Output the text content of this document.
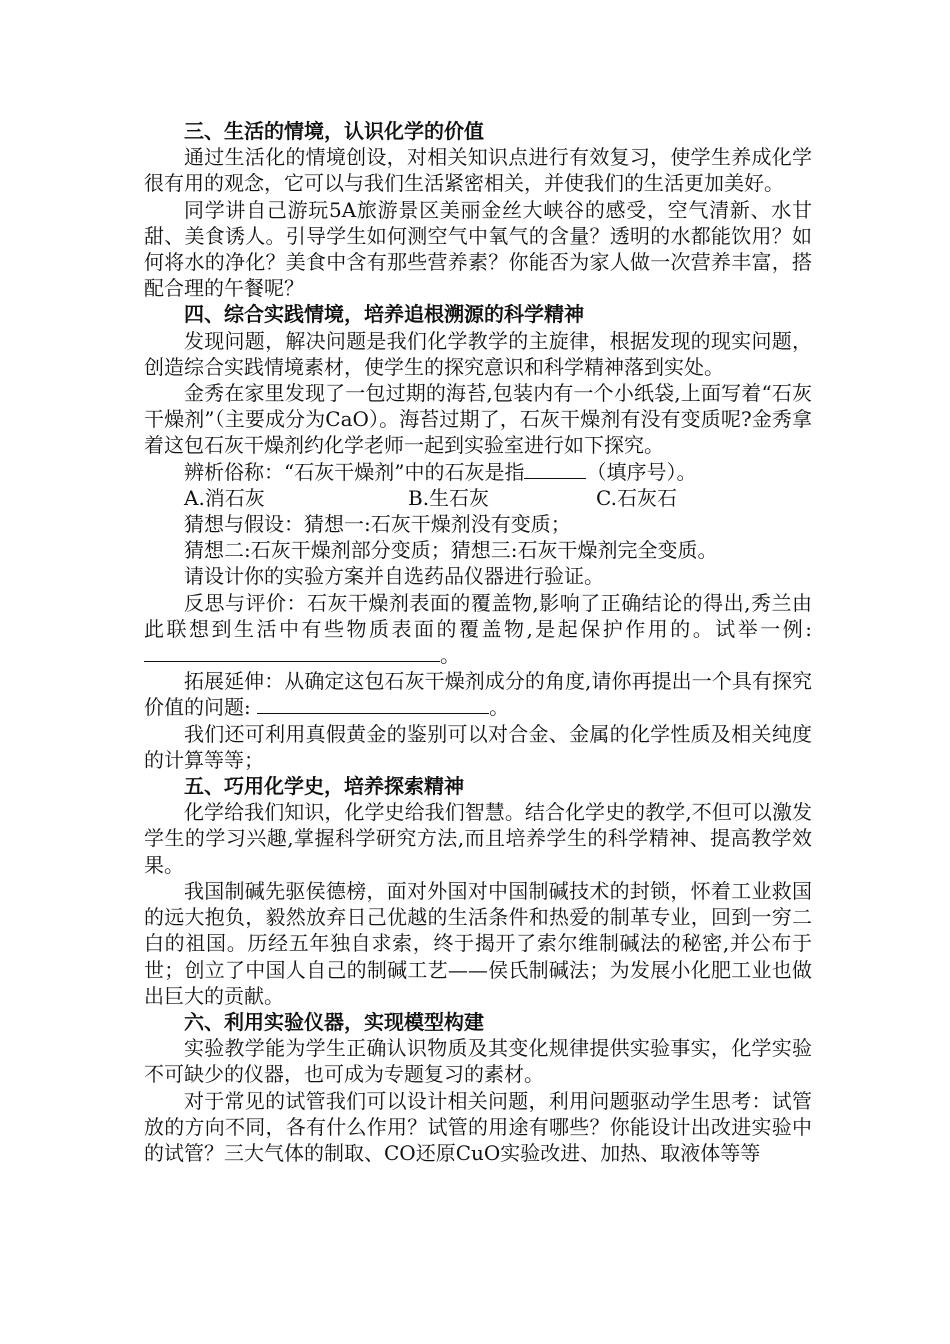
三、生活的情境，认识化学的价值

通过生活化的情境创设，对相关知识点进行有效复习，使学生养成化学很有用的观念，它可以与我们生活紧密相关，并使我们的生活更加美好。

同学讲自己游玩5A旅游景区美丽金丝大峡谷的感受，空气清新、水甘甜、美食诱人。引导学生如何测空气中氧气的含量？透明的水都能饮用？如何将水的净化？美食中含有那些营养素？你能否为家人做一次营养丰富，搭配合理的午餐呢？

四、综合实践情境，培养追根溯源的科学精神

发现问题，解决问题是我们化学教学的主旋律，根据发现的现实问题，创造综合实践情境素材，使学生的探究意识和科学精神落到实处。

金秀在家里发现了一包过期的海苔,包装内有一个小纸袋,上面写着“石灰干燥剂”（主要成分为CaO）。海苔过期了，石灰干燥剂有没有变质呢?金秀拿着这包石灰干燥剂约化学老师一起到实验室进行如下探究。

辨析俗称：“石灰干燥剂”中的石灰是指	（填序号）。

A.消石灰	B.生石灰	C.石灰石

猜想与假设：猜想一:石灰干燥剂没有变质；

猜想二:石灰干燥剂部分变质；猜想三:石灰干燥剂完全变质。

请设计你的实验方案并自选药品仪器进行验证。

反思与评价：石灰干燥剂表面的覆盖物,影响了正确结论的得出,秀兰由此联想到生活中有些物质表面的覆盖物,是起保护作用的。试举一例: 。

拓展延伸：从确定这包石灰干燥剂成分的角度,请你再提出一个具有探究价值的问题:	。

我们还可利用真假黄金的鉴别可以对合金、金属的化学性质及相关纯度的计算等等；

五、巧用化学史，培养探索精神

化学给我们知识，化学史给我们智慧。结合化学史的教学,不但可以激发学生的学习兴趣,掌握科学研究方法,而且培养学生的科学精神、提高教学效果。

我国制碱先驱侯德榜，面对外国对中国制碱技术的封锁，怀着工业救国的远大抱负，毅然放弃日己优越的生活条件和热爱的制革专业，回到一穷二白的祖国。历经五年独自求索，终于揭开了索尔维制碱法的秘密,并公布于世；创立了中国人自己的制碱工艺——侯氏制碱法；为发展小化肥工业也做出巨大的贡献。

六、利用实验仪器，实现模型构建

实验教学能为学生正确认识物质及其变化规律提供实验事实，化学实验不可缺少的仪器，也可成为专题复习的素材。

对于常见的试管我们可以设计相关问题，利用问题驱动学生思考：试管放的方向不同，各有什么作用？试管的用途有哪些？你能设计出改进实验中的试管？三大气体的制取、CO还原CuO实验改进、加热、取液体等等
